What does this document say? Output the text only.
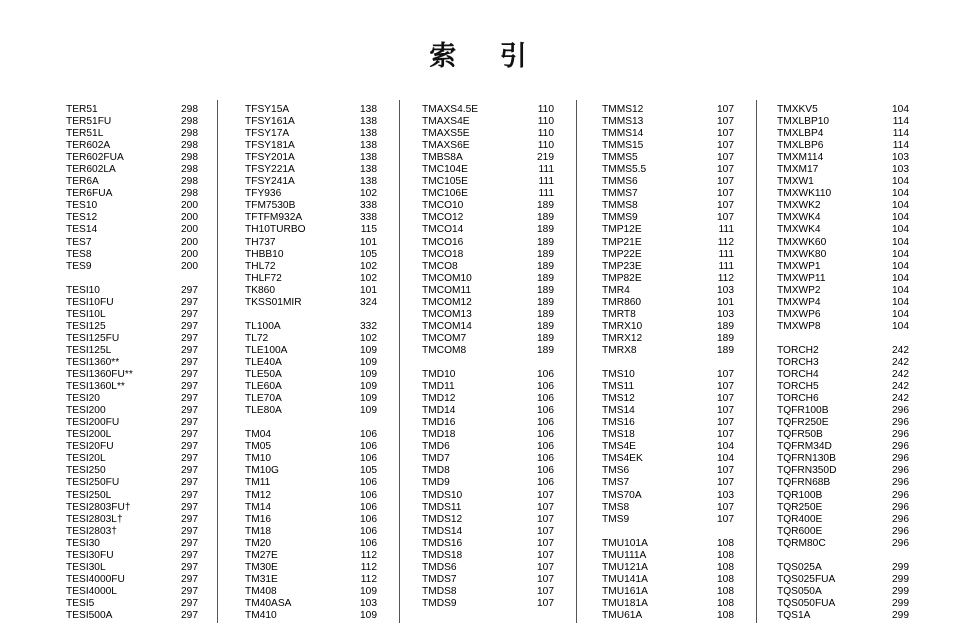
索 引
TER51	298
TER51FU	298
TER51L	298
TER602A	298
TER602FUA	298
TER602LA	298
TER6A	298
TER6FUA	298
TES10	200
TES12	200
TES14	200
TES7	200
TES8	200
TES9	200
TESI10	297
TESI10FU	297
TESI10L	297
TESI125	297
TESI125FU	297
TESI125L	297
TESI1360**	297
TESI1360FU**	297
TESI1360L**	297
TESI20	297
TESI200	297
TESI200FU	297
TESI200L	297
TESI20FU	297
TESI20L	297
TESI250	297
TESI250FU	297
TESI250L	297
TESI2803FU†	297
TESI2803L†	297
TESI2803†	297
TESI30	297
TESI30FU	297
TESI30L	297
TESI4000FU	297
TESI4000L	297
TESI5	297
TESI500A	297
TFSY15A	138
TFSY161A	138
TFSY17A	138
TFSY181A	138
TFSY201A	138
TFSY221A	138
TFSY241A	138
TFY936	102
TFM7530B	338
TFTFM932A	338
TH10TURBO	115
TH737	101
THBB10	105
THL72	102
THLF72	102
TK860	101
TKSS01MIR	324
TL100A	332
TL72	102
TLE100A	109
TLE40A	109
TLE50A	109
TLE60A	109
TLE70A	109
TLE80A	109
TM04	106
TM05	106
TM10	106
TM10G	105
TM11	106
TM12	106
TM14	106
TM16	106
TM18	106
TM20	106
TM27E	112
TM30E	112
TM31E	112
TM408	109
TM40ASA	103
TM410	109
TMAXS4.5E	110
TMAXS4E	110
TMAXS5E	110
TMAXS6E	110
TMBS8A	219
TMC104E	111
TMC105E	111
TMC106E	111
TMCO10	189
TMCO12	189
TMCO14	189
TMCO16	189
TMCO18	189
TMCO8	189
TMCOM10	189
TMCOM11	189
TMCOM12	189
TMCOM13	189
TMCOM14	189
TMCOM7	189
TMCOM8	189
TMD10	106
TMD11	106
TMD12	106
TMD14	106
TMD16	106
TMD18	106
TMD6	106
TMD7	106
TMD8	106
TMD9	106
TMDS10	107
TMDS11	107
TMDS12	107
TMDS14	107
TMDS16	107
TMDS18	107
TMDS6	107
TMDS7	107
TMDS8	107
TMDS9	107
TMMS12	107
TMMS13	107
TMMS14	107
TMMS15	107
TMMS5	107
TMMS5.5	107
TMMS6	107
TMMS7	107
TMMS8	107
TMMS9	107
TMP12E	111
TMP21E	112
TMP22E	111
TMP23E	111
TMP82E	112
TMR4	103
TMR860	101
TMRT8	103
TMRX10	189
TMRX12	189
TMRX8	189
TMS10	107
TMS11	107
TMS12	107
TMS14	107
TMS16	107
TMS18	107
TMS4E	104
TMS4EK	104
TMS6	107
TMS7	107
TMS70A	103
TMS8	107
TMS9	107
TMU101A	108
TMU111A	108
TMU121A	108
TMU141A	108
TMU161A	108
TMU181A	108
TMU61A	108
TMXKV5	104
TMXLBP10	114
TMXLBP4	114
TMXLBP6	114
TMXM114	103
TMXM17	103
TMXW1	104
TMXWK110	104
TMXWK2	104
TMXWK4	104
TMXWK4	104
TMXWK60	104
TMXWK80	104
TMXWP1	104
TMXWP11	104
TMXWP2	104
TMXWP4	104
TMXWP6	104
TMXWP8	104
TORCH2	242
TORCH3	242
TORCH4	242
TORCH5	242
TORCH6	242
TQFR100B	296
TQFR250E	296
TQFR50B	296
TQFRM34D	296
TQFRN130B	296
TQFRN350D	296
TQFRN68B	296
TQR100B	296
TQR250E	296
TQR400E	296
TQR600E	296
TQRM80C	296
TQS025A	299
TQS025FUA	299
TQS050A	299
TQS050FUA	299
TQS1A	299
